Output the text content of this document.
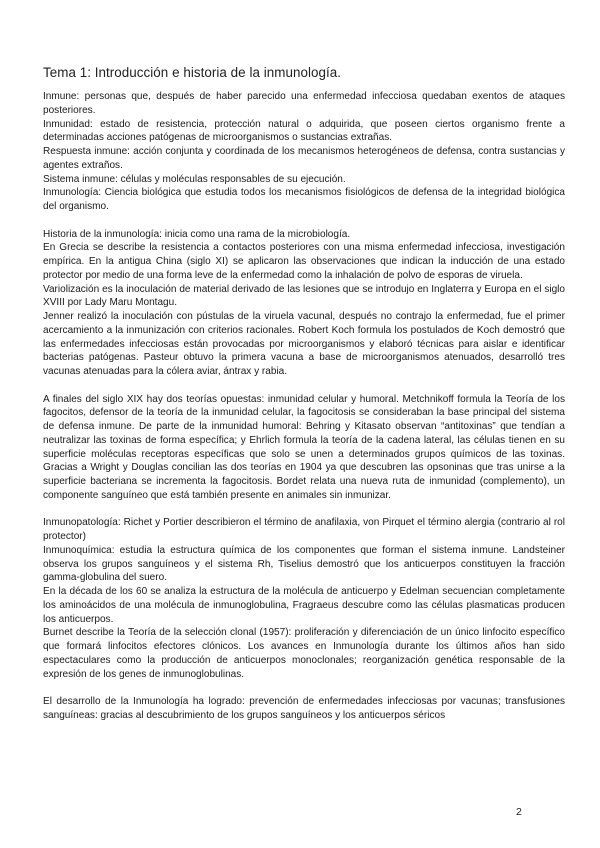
Tema 1: Introducción e historia de la inmunología.

Inmune: personas que, después de haber parecido una enfermedad infecciosa quedaban exentos de ataques posteriores.

Inmunidad: estado de resistencia, protección natural o adquirida, que poseen ciertos organismo frente a determinadas acciones patógenas de microorganismos o sustancias extrañas.

Respuesta inmune: acción conjunta y coordinada de los mecanismos heterogéneos de defensa, contra sustancias y agentes extraños.

Sistema inmune: células y moléculas responsables de su ejecución.

Inmunología: Ciencia biológica que estudia todos los mecanismos fisiológicos de defensa de la integridad biológica del organismo.

Historia de la inmunología: inicia como una rama de la microbiología.

En Grecia se describe la resistencia a contactos posteriores con una misma enfermedad infecciosa, investigación empírica. En la antigua China (siglo XI) se aplicaron las observaciones que indican la inducción de una estado protector por medio de una forma leve de la enfermedad como la inhalación de polvo de esporas de viruela.

Variolización es la inoculación de material derivado de las lesiones que se introdujo en Inglaterra y Europa en el siglo XVIII por Lady Maru Montagu.

Jenner realizó la inoculación con pústulas de la viruela vacunal, después no contrajo la enfermedad, fue el primer acercamiento a la inmunización con criterios racionales. Robert Koch formula los postulados de Koch demostró que las enfermedades infecciosas están provocadas por microorganismos y elaboró técnicas para aislar e identificar bacterias patógenas. Pasteur obtuvo la primera vacuna a base de microorganismos atenuados, desarrolló tres vacunas atenuadas para la cólera aviar, ántrax y rabia.

A finales del siglo XIX hay dos teorías opuestas: inmunidad celular y humoral. Metchnikoff formula la Teoría de los fagocitos, defensor de la teoría de la inmunidad celular, la fagocitosis se consideraban la base principal del sistema de defensa inmune. De parte de la inmunidad humoral: Behring y Kitasato observan “antitoxinas” que tendían a neutralizar las toxinas de forma específica; y Ehrlich formula la teoría de la cadena lateral, las células tienen en su superficie moléculas receptoras específicas que solo se unen a determinados grupos químicos de las toxinas. Gracias a Wright y Douglas concilian las dos teorías en 1904 ya que descubren las opsoninas que tras unirse a la superficie bacteriana se incrementa la fagocitosis. Bordet relata una nueva ruta de inmunidad (complemento), un componente sanguíneo que está también presente en animales sin inmunizar.

Inmunopatología: Richet y Portier describieron el término de anafilaxia, von Pirquet el término alergia (contrario al rol protector)

Inmunoquímica: estudia la estructura química de los componentes que forman el sistema inmune. Landsteiner observa los grupos sanguíneos y el sistema Rh, Tiselius demostró que los anticuerpos constituyen la fracción gamma-globulina del suero.

En la década de los 60 se analiza la estructura de la molécula de anticuerpo y Edelman secuencian completamente los aminoácidos de una molécula de inmunoglobulina, Fragraeus descubre como las células plasmaticas producen los anticuerpos.

Burnet describe la Teoría de la selección clonal (1957): proliferación y diferenciación de un único linfocito específico que formará linfocitos efectores clónicos. Los avances en Inmunología durante los últimos años han sido espectaculares como la producción de anticuerpos monoclonales; reorganización genética responsable de la expresión de los genes de inmunoglobulinas.

El desarrollo de la Inmunología ha logrado: prevención de enfermedades infecciosas por vacunas; transfusiones sanguíneas: gracias al descubrimiento de los grupos sanguíneos y los anticuerpos séricos

2
